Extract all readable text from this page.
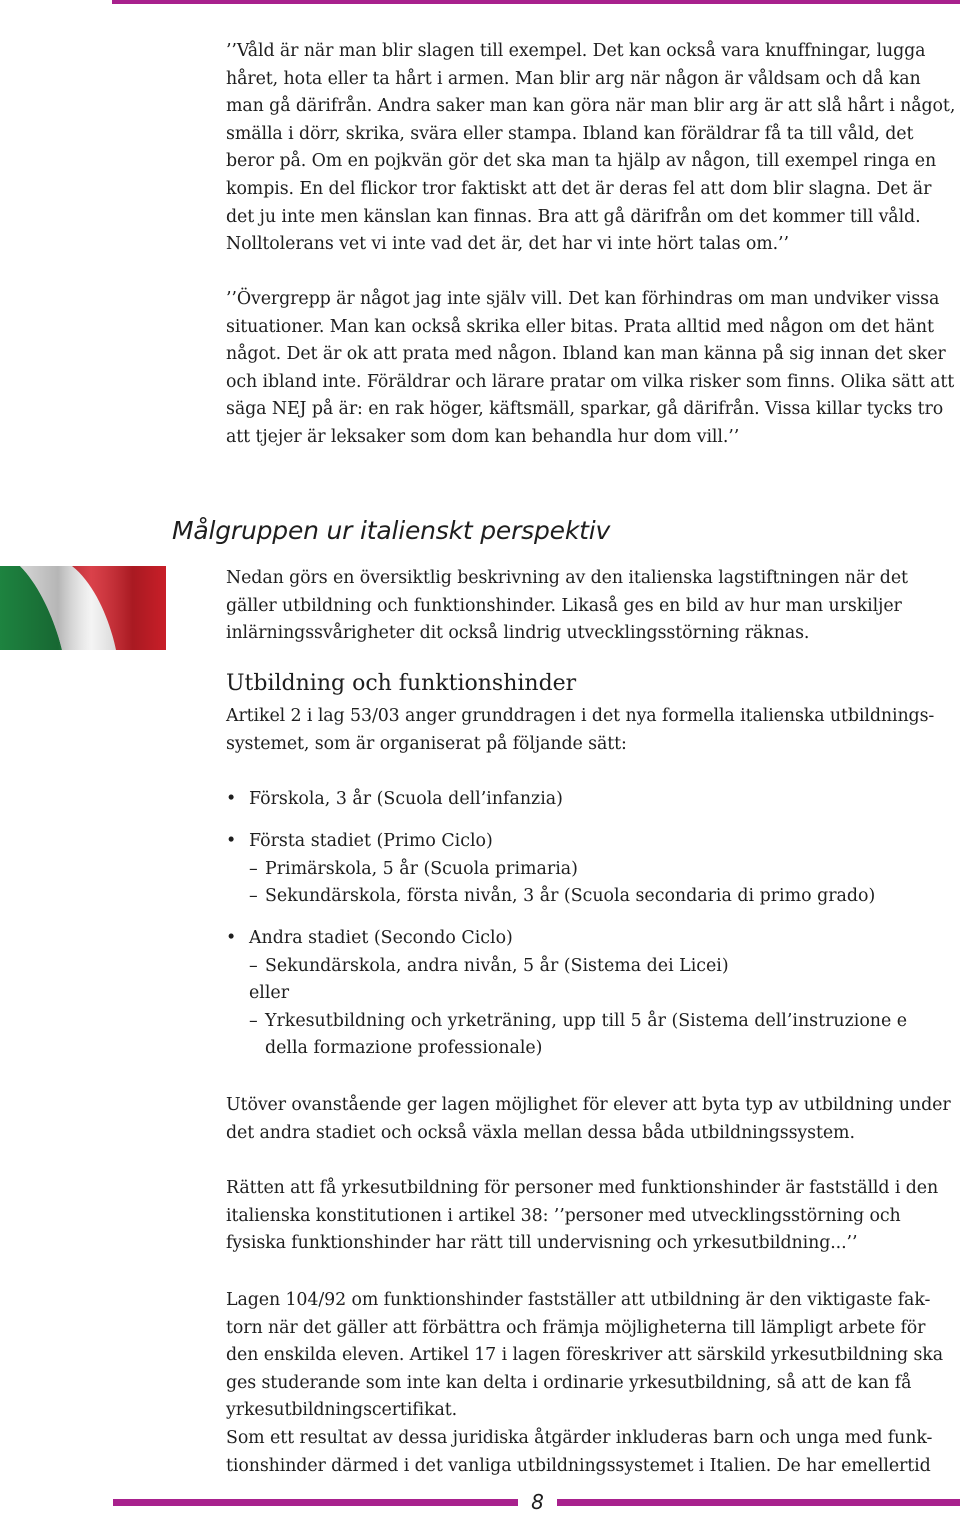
’’Våld är när man blir slagen till exempel. Det kan också vara knuffningar, lugga håret, hota eller ta hårt i armen. Man blir arg när någon är våldsam och då kan man gå därifrån. Andra saker man kan göra när man blir arg är att slå hårt i något, smälla i dörr, skrika, svära eller stampa. Ibland kan föräldrar få ta till våld, det beror på. Om en pojkvän gör det ska man ta hjälp av någon, till exempel ringa en kompis. En del flickor tror faktiskt att det är deras fel att dom blir slagna. Det är det ju inte men känslan kan finnas. Bra att gå därifrån om det kommer till våld. Nolltolerans vet vi inte vad det är, det har vi inte hört talas om.’’

’’Övergrepp är något jag inte själv vill. Det kan förhindras om man undviker vissa situationer. Man kan också skrika eller bitas. Prata alltid med någon om det hänt något. Det är ok att prata med någon. Ibland kan man känna på sig innan det sker och ibland inte. Föräldrar och lärare pratar om vilka risker som finns. Olika sätt att säga NEJ på är: en rak höger, käftsmäll, sparkar, gå därifrån. Vissa killar tycks tro att tjejer är leksaker som dom kan behandla hur dom vill.’’

Målgruppen ur italienskt perspektiv

Nedan görs en översiktlig beskrivning av den italienska lagstiftningen när det gäller utbildning och funktionshinder. Likaså ges en bild av hur man urskiljer inlärningssvårigheter dit också lindrig utvecklingsstörning räknas.

Utbildning och funktionshinder

Artikel 2 i lag 53/03 anger grunddragen i det nya formella italienska utbildnings-systemet, som är organiserat på följande sätt:

• Förskola, 3 år (Scuola dell’infanzia)
• Första stadiet (Primo Ciclo)
– Primärskola, 5 år (Scuola primaria)
– Sekundärskola, första nivån, 3 år (Scuola secondaria di primo grado)
• Andra stadiet (Secondo Ciclo)
– Sekundärskola, andra nivån, 5 år (Sistema dei Licei)
eller
– Yrkesutbildning och yrketräning, upp till 5 år (Sistema dell’instruzione e
della formazione professionale)

Utöver ovanstående ger lagen möjlighet för elever att byta typ av utbildning under det andra stadiet och också växla mellan dessa båda utbildningssystem.

Rätten att få yrkesutbildning för personer med funktionshinder är fastställd i den italienska konstitutionen i artikel 38: ’’personer med utvecklingsstörning och fysiska funktionshinder har rätt till undervisning och yrkesutbildning...’’

Lagen 104/92 om funktionshinder fastställer att utbildning är den viktigaste fak-torn när det gäller att förbättra och främja möjligheterna till lämpligt arbete för den enskilda eleven. Artikel 17 i lagen föreskriver att särskild yrkesutbildning ska ges studerande som inte kan delta i ordinarie yrkesutbildning, så att de kan få yrkesutbildningscertifikat.

Som ett resultat av dessa juridiska åtgärder inkluderas barn och unga med funk-tionshinder därmed i det vanliga utbildningssystemet i Italien. De har emellertid

8
